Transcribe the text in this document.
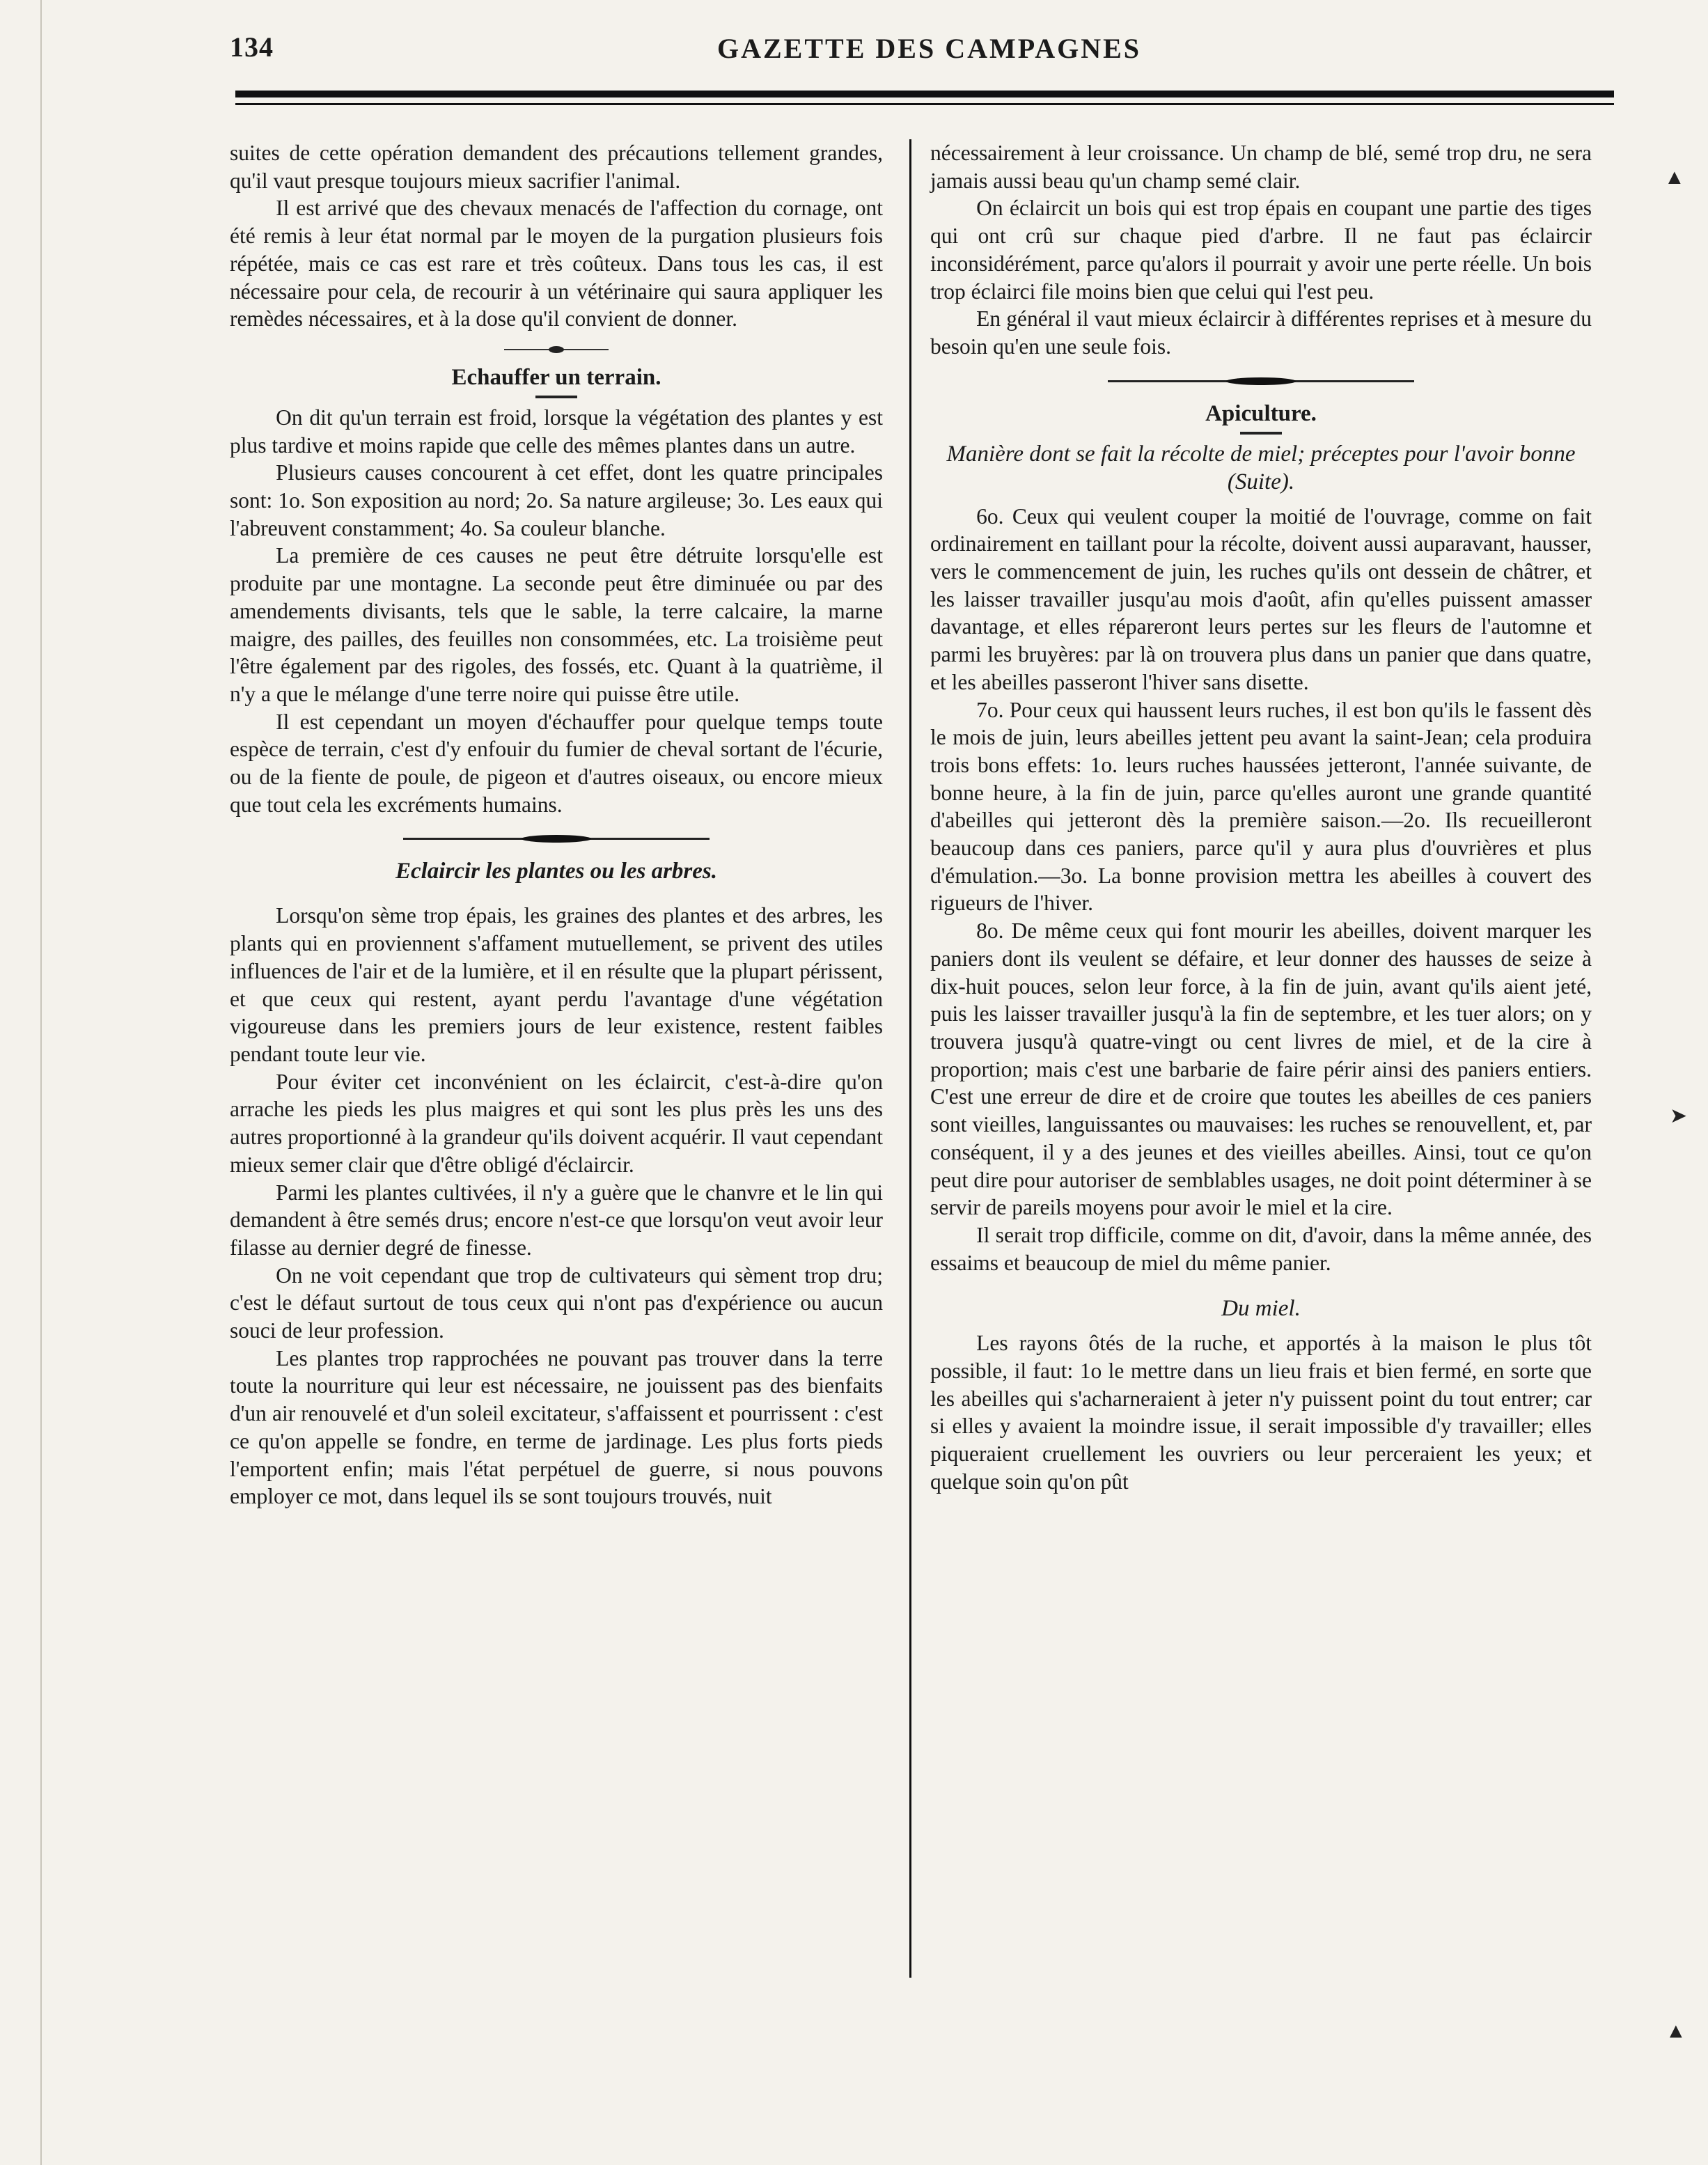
134	GAZETTE DES CAMPAGNES

suites de cette opération demandent des précautions tellement grandes, qu'il vaut presque toujours mieux sacrifier l'animal.

Il est arrivé que des chevaux menacés de l'affection du cornage, ont été remis à leur état normal par le moyen de la purgation plusieurs fois répétée, mais ce cas est rare et très coûteux. Dans tous les cas, il est nécessaire pour cela, de recourir à un vétérinaire qui saura appliquer les remèdes nécessaires, et à la dose qu'il convient de donner.

Echauffer un terrain.

On dit qu'un terrain est froid, lorsque la végétation des plantes y est plus tardive et moins rapide que celle des mêmes plantes dans un autre.

Plusieurs causes concourent à cet effet, dont les quatre principales sont: 1o. Son exposition au nord; 2o. Sa nature argileuse; 3o. Les eaux qui l'abreuvent constamment; 4o. Sa couleur blanche.

La première de ces causes ne peut être détruite lorsqu'elle est produite par une montagne. La seconde peut être diminuée ou par des amendements divisants, tels que le sable, la terre calcaire, la marne maigre, des pailles, des feuilles non consommées, etc. La troisième peut l'être également par des rigoles, des fossés, etc. Quant à la quatrième, il n'y a que le mélange d'une terre noire qui puisse être utile.

Il est cependant un moyen d'échauffer pour quelque temps toute espèce de terrain, c'est d'y enfouir du fumier de cheval sortant de l'écurie, ou de la fiente de poule, de pigeon et d'autres oiseaux, ou encore mieux que tout cela les excréments humains.

Eclaircir les plantes ou les arbres.

Lorsqu'on sème trop épais, les graines des plantes et des arbres, les plants qui en proviennent s'affament mutuellement, se privent des utiles influences de l'air et de la lumière, et il en résulte que la plupart périssent, et que ceux qui restent, ayant perdu l'avantage d'une végétation vigoureuse dans les premiers jours de leur existence, restent faibles pendant toute leur vie.

Pour éviter cet inconvénient on les éclaircit, c'est-à-dire qu'on arrache les pieds les plus maigres et qui sont les plus près les uns des autres proportionné à la grandeur qu'ils doivent acquérir. Il vaut cependant mieux semer clair que d'être obligé d'éclaircir.

Parmi les plantes cultivées, il n'y a guère que le chanvre et le lin qui demandent à être semés drus; encore n'est-ce que lorsqu'on veut avoir leur filasse au dernier degré de finesse.

On ne voit cependant que trop de cultivateurs qui sèment trop dru; c'est le défaut surtout de tous ceux qui n'ont pas d'expérience ou aucun souci de leur profession.

Les plantes trop rapprochées ne pouvant pas trouver dans la terre toute la nourriture qui leur est nécessaire, ne jouissent pas des bienfaits d'un air renouvelé et d'un soleil excitateur, s'affaissent et pourrissent : c'est ce qu'on appelle se fondre, en terme de jardinage. Les plus forts pieds l'emportent enfin; mais l'état perpétuel de guerre, si nous pouvons employer ce mot, dans lequel ils se sont toujours trouvés, nuit

nécessairement à leur croissance. Un champ de blé, semé trop dru, ne sera jamais aussi beau qu'un champ semé clair.

On éclaircit un bois qui est trop épais en coupant une partie des tiges qui ont crû sur chaque pied d'arbre. Il ne faut pas éclaircir inconsidérément, parce qu'alors il pourrait y avoir une perte réelle. Un bois trop éclairci file moins bien que celui qui l'est peu.

En général il vaut mieux éclaircir à différentes reprises et à mesure du besoin qu'en une seule fois.

Apiculture.
Manière dont se fait la récolte de miel; préceptes pour l'avoir bonne (Suite).

6o. Ceux qui veulent couper la moitié de l'ouvrage, comme on fait ordinairement en taillant pour la récolte, doivent aussi auparavant, hausser, vers le commencement de juin, les ruches qu'ils ont dessein de châtrer, et les laisser travailler jusqu'au mois d'août, afin qu'elles puissent amasser davantage, et elles répareront leurs pertes sur les fleurs de l'automne et parmi les bruyères: par là on trouvera plus dans un panier que dans quatre, et les abeilles passeront l'hiver sans disette.

7o. Pour ceux qui haussent leurs ruches, il est bon qu'ils le fassent dès le mois de juin, leurs abeilles jettent peu avant la saint-Jean; cela produira trois bons effets: 1o. leurs ruches haussées jetteront, l'année suivante, de bonne heure, à la fin de juin, parce qu'elles auront une grande quantité d'abeilles qui jetteront dès la première saison.—2o. Ils recueilleront beaucoup dans ces paniers, parce qu'il y aura plus d'ouvrières et plus d'émulation.—3o. La bonne provision mettra les abeilles à couvert des rigueurs de l'hiver.

8o. De même ceux qui font mourir les abeilles, doivent marquer les paniers dont ils veulent se défaire, et leur donner des hausses de seize à dix-huit pouces, selon leur force, à la fin de juin, avant qu'ils aient jeté, puis les laisser travailler jusqu'à la fin de septembre, et les tuer alors; on y trouvera jusqu'à quatre-vingt ou cent livres de miel, et de la cire à proportion; mais c'est une barbarie de faire périr ainsi des paniers entiers. C'est une erreur de dire et de croire que toutes les abeilles de ces paniers sont vieilles, languissantes ou mauvaises: les ruches se renouvellent, et, par conséquent, il y a des jeunes et des vieilles abeilles. Ainsi, tout ce qu'on peut dire pour autoriser de semblables usages, ne doit point déterminer à se servir de pareils moyens pour avoir le miel et la cire.

Il serait trop difficile, comme on dit, d'avoir, dans la même année, des essaims et beaucoup de miel du même panier.

Du miel.

Les rayons ôtés de la ruche, et apportés à la maison le plus tôt possible, il faut: 1o le mettre dans un lieu frais et bien fermé, en sorte que les abeilles qui s'acharneraient à jeter n'y puissent point du tout entrer; car si elles y avaient la moindre issue, il serait impossible d'y travailler; elles piqueraient cruellement les ouvriers ou leur perceraient les yeux; et quelque soin qu'on pût

▲
➤
▲
